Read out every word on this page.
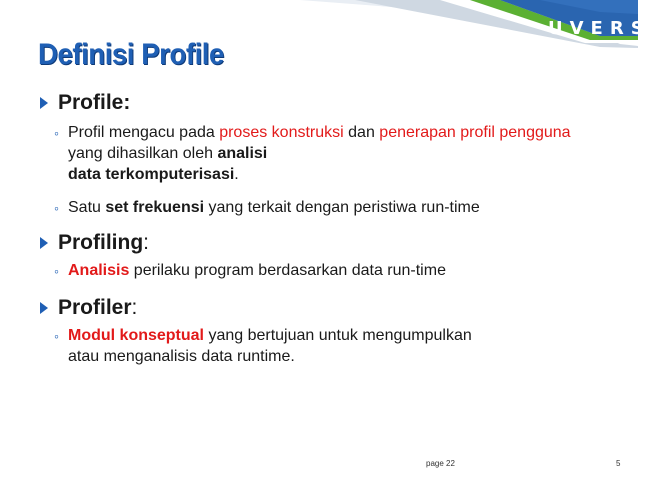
UVERS
Definisi Profile
Profile:
◦ Profil mengacu pada proses konstruksi dan penerapan profil pengguna yang dihasilkan oleh analisi
data terkomputerisasi.
◦ Satu set frekuensi yang terkait dengan peristiwa run-time
Profiling:
◦ Analisis perilaku program berdasarkan data run-time
Profiler:
◦ Modul konseptual yang bertujuan untuk mengumpulkan
atau menganalisis data runtime.
page 22	5
